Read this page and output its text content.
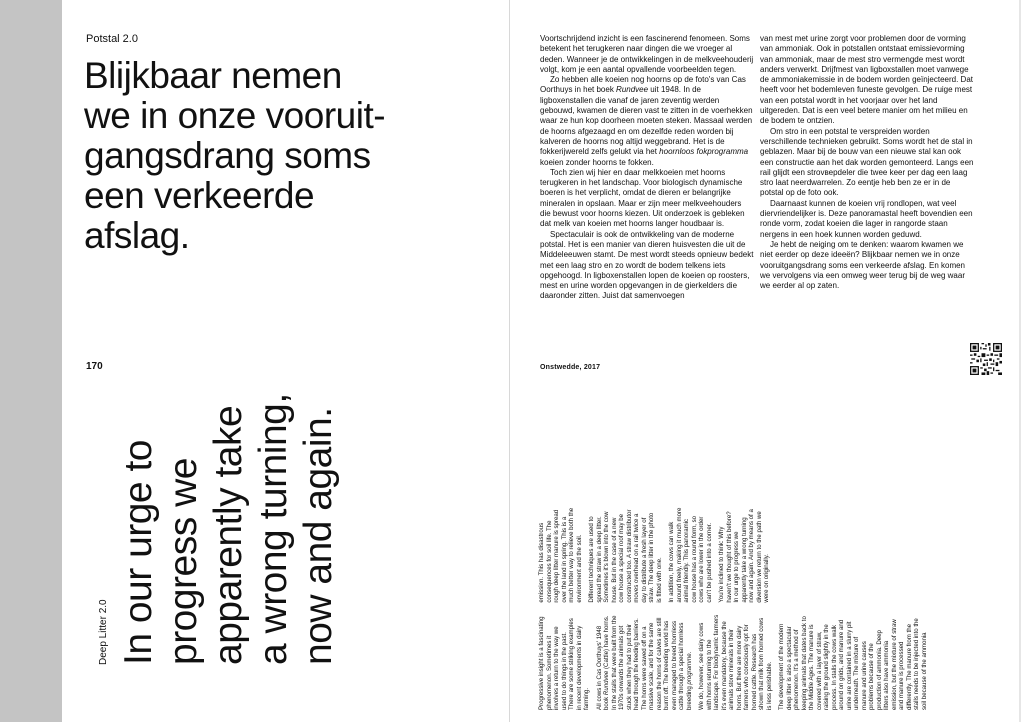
Potstal 2.0
Blijkbaar nemen
we in onze vooruit-
gangsdrang soms
een verkeerde
afslag.
170
Deep Litter 2.0 In our urge to
progress we
apparently take
a wrong turning,
now and again.

Voortschrijdend inzicht is een fascinerend fenomeen. Soms betekent het terugkeren naar dingen die we vroeger al deden. Wanneer je de ontwikkelingen in de melkveehouderij volgt, kom je een aantal opvallende voorbeelden tegen.

Zo hebben alle koeien nog hoorns op de foto's van Cas Oorthuys in het boek Rundvee uit 1948. In de ligboxenstallen die vanaf de jaren zeventig werden gebouwd, kwamen de dieren vast te zitten in de voerhekken waar ze hun kop doorheen moeten steken. Massaal werden de hoorns afgezaagd en om dezelfde reden worden bij kalveren de hoorns nog altijd weggebrand. Het is de fokkerijwereld zelfs gelukt via het hoornloos fokprogramma koeien zonder hoorns te fokken.

Toch zien wij hier en daar melkkoeien met hoorns terugkeren in het landschap. Voor biologisch dynamische boeren is het verplicht, omdat de dieren er belangrijke mineralen in opslaan. Maar er zijn meer melkveehouders die bewust voor hoorns kiezen. Uit onderzoek is gebleken dat melk van koeien met hoorns langer houdbaar is.

Spectaculair is ook de ontwikkeling van de moderne potstal. Het is een manier van dieren huisvesten die uit de Middeleeuwen stamt. De mest wordt steeds opnieuw bedekt met een laag stro en zo wordt de bodem telkens iets opgehoogd. In ligboxenstallen lopen de koeien op roosters, mest en urine worden opgevangen in de gierkelders die daaronder zitten. Juist dat samenvoegen

van mest met urine zorgt voor problemen door de vorming van ammoniak. Ook in potstallen ontstaat emissievorming van ammoniak, maar de mest stro vermengde mest wordt anders verwerkt. Drijfmest van ligboxstallen moet vanwege de ammoniakemissie in de bodem worden geïnjecteerd. Dat heeft voor het bodemleven funeste gevolgen. De ruige mest van een potstal wordt in het voorjaar over het land uitgereden. Dat is een veel betere manier om het milieu en de bodem te ontzien.

Om stro in een potstal te verspreiden worden verschillende technieken gebruikt. Soms wordt het de stal in geblazen. Maar bij de bouw van een nieuwe stal kan ook een constructie aan het dak worden gemonteerd. Langs een rail glijdt een strovверdeler die twee keer per dag een laag stro laat neerdwarrelen. Zo eentje heb ben ze er in de potstal op de foto ook.

Daarnaast kunnen de koeien vrij rondlopen, wat veel diervriendelijker is. Deze panoramastal heeft bovendien een ronde vorm, zodat koeien die lager in rangorde staan nergens in een hoek kunnen worden geduwd.

Je hebt de neiging om te denken: waarom kwamen we niet eerder op deze ideeën? Blijkbaar nemen we in onze vooruitgangsdrang soms een verkeerde afslag. En komen we vervolgens via een omweg weer terug bij de weg waar we eerder al op zaten.

Onstwedde, 2017

Progressive insight is a fascinating phenomenon. Sometimes it involves a return to the way we used to do things in the past. There are some striking examples in recent developments in dairy farming. All cows in Cas Oorthuys' 1948 book Rundvee (Cattle) have horns. In the stalls that were built from the 1970s onwards the animals got stuck when they had to put their head through the feeding barriers. The horns were sawed off on a massive scale, and for the same reason the horns of calves are still burnt off. The breeding world has even managed to breed hornless cattle through a special hornless breeding programme. We do, however, see dairy cows with horns returning to the landscape. For biodynamic farmers it's even mandatory, because the animals store minerals in their horns. But there are more dairy farmers who consciously opt for horned cattle. Research has shown that milk from horned cows is less perishable. The development of the modern deep litter is also a spectacular phenomenon. It's a method of keeping animals that dates back to the Middle Ages. The manure is covered with a layer of straw, raising the ground slightly in the process. In stalls the cows walk around on grids, and manure and urine are contained in a slurry pit underneath. The mixture of manure and urine causes problems because of the production of ammonia. Deep litters also have ammonia emission, but the mixture of straw and manure is processed differently. The manure from the stalls needs to be injected into the soil because of the ammonia emission. This has disastrous consequences for soil life. The rough deep litter manure is spread over the land in spring. This is a much better way to relieve both the environment and the soil. Different techniques are used to spread the straw in a deep litter. Sometimes it's blown into the cow house. But in the case of a new cow house a special roof may be constructed too. A straw distributor moves overhead on a rail twice a day to distribute a fresh layer of straw. The deep litter in the photo is fitted with one. In addition, the cows can walk around freely, making it much more animal friendly. This panoramic cow house has a round form, so cows who are lower in the order can't be pushed into a corner. You're inclined to think: Why haven't we thought of this before? In our urge to progress we apparently take a wrong turning now and again. And by means of a diversion we return to the path we were on originally.
